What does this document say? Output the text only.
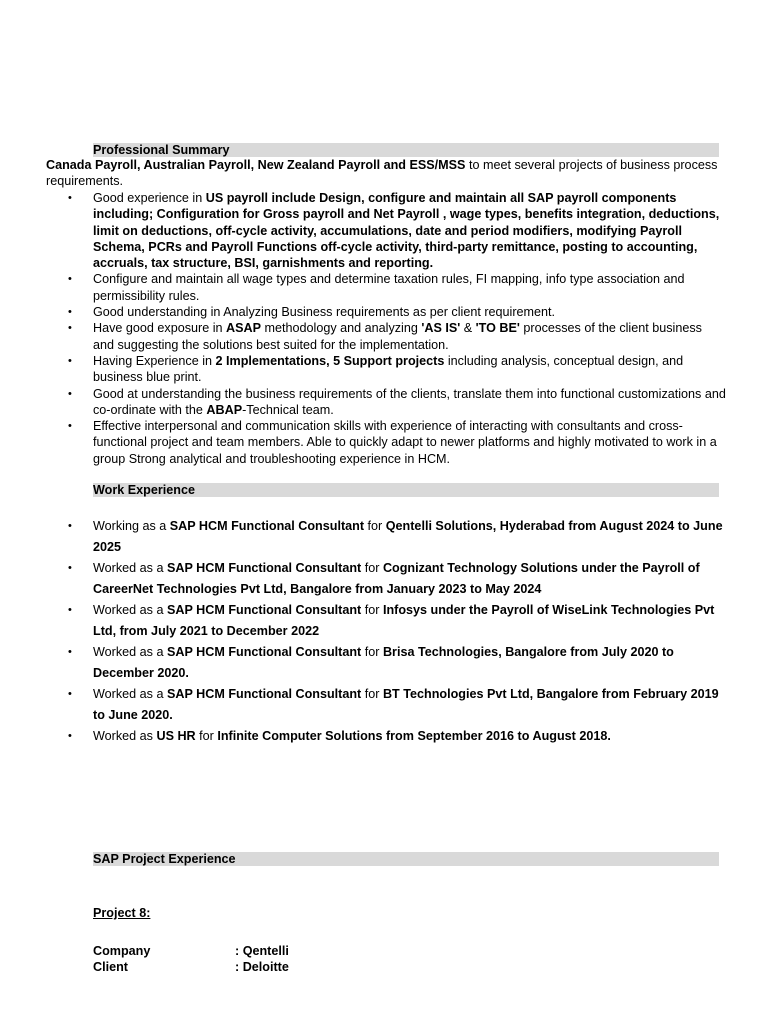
Professional Summary
Canada Payroll, Australian Payroll, New Zealand Payroll and ESS/MSS to meet several projects of business process requirements.
• Good experience in US payroll include Design, configure and maintain all SAP payroll components including; Configuration for Gross payroll and Net Payroll , wage types, benefits integration, deductions, limit on deductions, off-cycle activity, accumulations, date and period modifiers, modifying Payroll Schema, PCRs and Payroll Functions off-cycle activity, third-party remittance, posting to accounting, accruals, tax structure, BSI, garnishments and reporting.
• Configure and maintain all wage types and determine taxation rules, FI mapping, info type association and permissibility rules.
• Good understanding in Analyzing Business requirements as per client requirement.
• Have good exposure in ASAP methodology and analyzing 'AS IS' & 'TO BE' processes of the client business and suggesting the solutions best suited for the implementation.
• Having Experience in 2 Implementations, 5 Support projects including analysis, conceptual design, and business blue print.
• Good at understanding the business requirements of the clients, translate them into functional customizations and co-ordinate with the ABAP-Technical team.
• Effective interpersonal and communication skills with experience of interacting with consultants and cross-functional project and team members. Able to quickly adapt to newer platforms and highly motivated to work in a group Strong analytical and troubleshooting experience in HCM.
Work Experience
• Working as a SAP HCM Functional Consultant for Qentelli Solutions, Hyderabad from August 2024 to June 2025
• Worked as a SAP HCM Functional Consultant for Cognizant Technology Solutions under the Payroll of CareerNet Technologies Pvt Ltd, Bangalore from January 2023 to May 2024
• Worked as a SAP HCM Functional Consultant for Infosys under the Payroll of WiseLink Technologies Pvt Ltd, from July 2021 to December 2022
• Worked as a SAP HCM Functional Consultant for Brisa Technologies, Bangalore from July 2020 to December 2020.
• Worked as a SAP HCM Functional Consultant for BT Technologies Pvt Ltd, Bangalore from February 2019 to June 2020.
• Worked as US HR for Infinite Computer Solutions from September 2016 to August 2018.
SAP Project Experience
Project 8:
Company	: Qentelli
Client	: Deloitte
